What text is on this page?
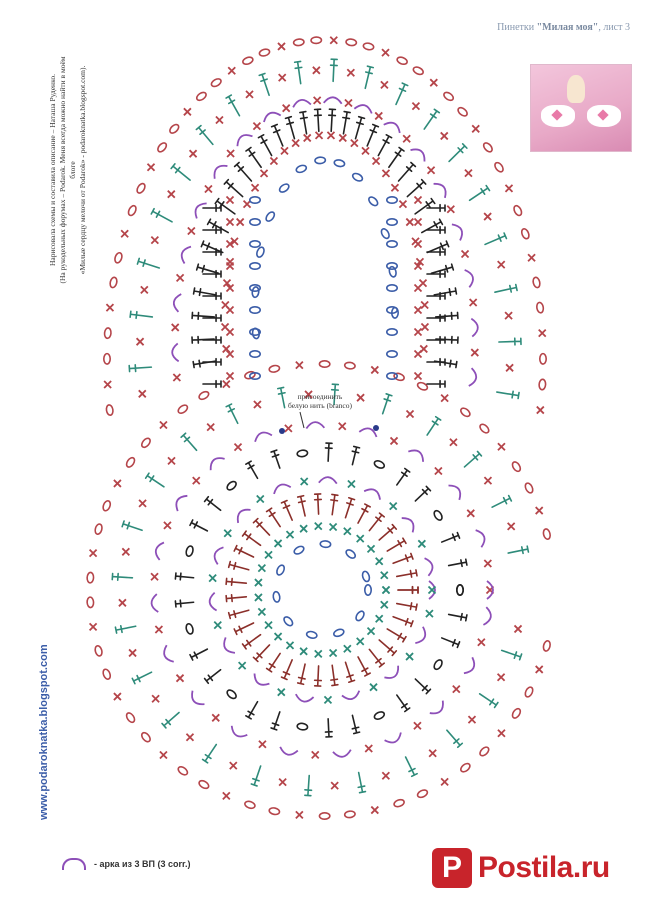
Пинетки "Милая моя", лист 3
Нарисовала схемы и составила описание – Наташа Руденко. (На рукодельных форумах – Podarok. Меня всегда можно найти в моём блоге «Милые сердцу мелочи от Podarok» - podaroknatka.blogspot.com).
www.podaroknatka.blogspot.com
присоединить
белую нить (branco)
- арка из 3 ВП (3 corr.)	P Postila.ru
